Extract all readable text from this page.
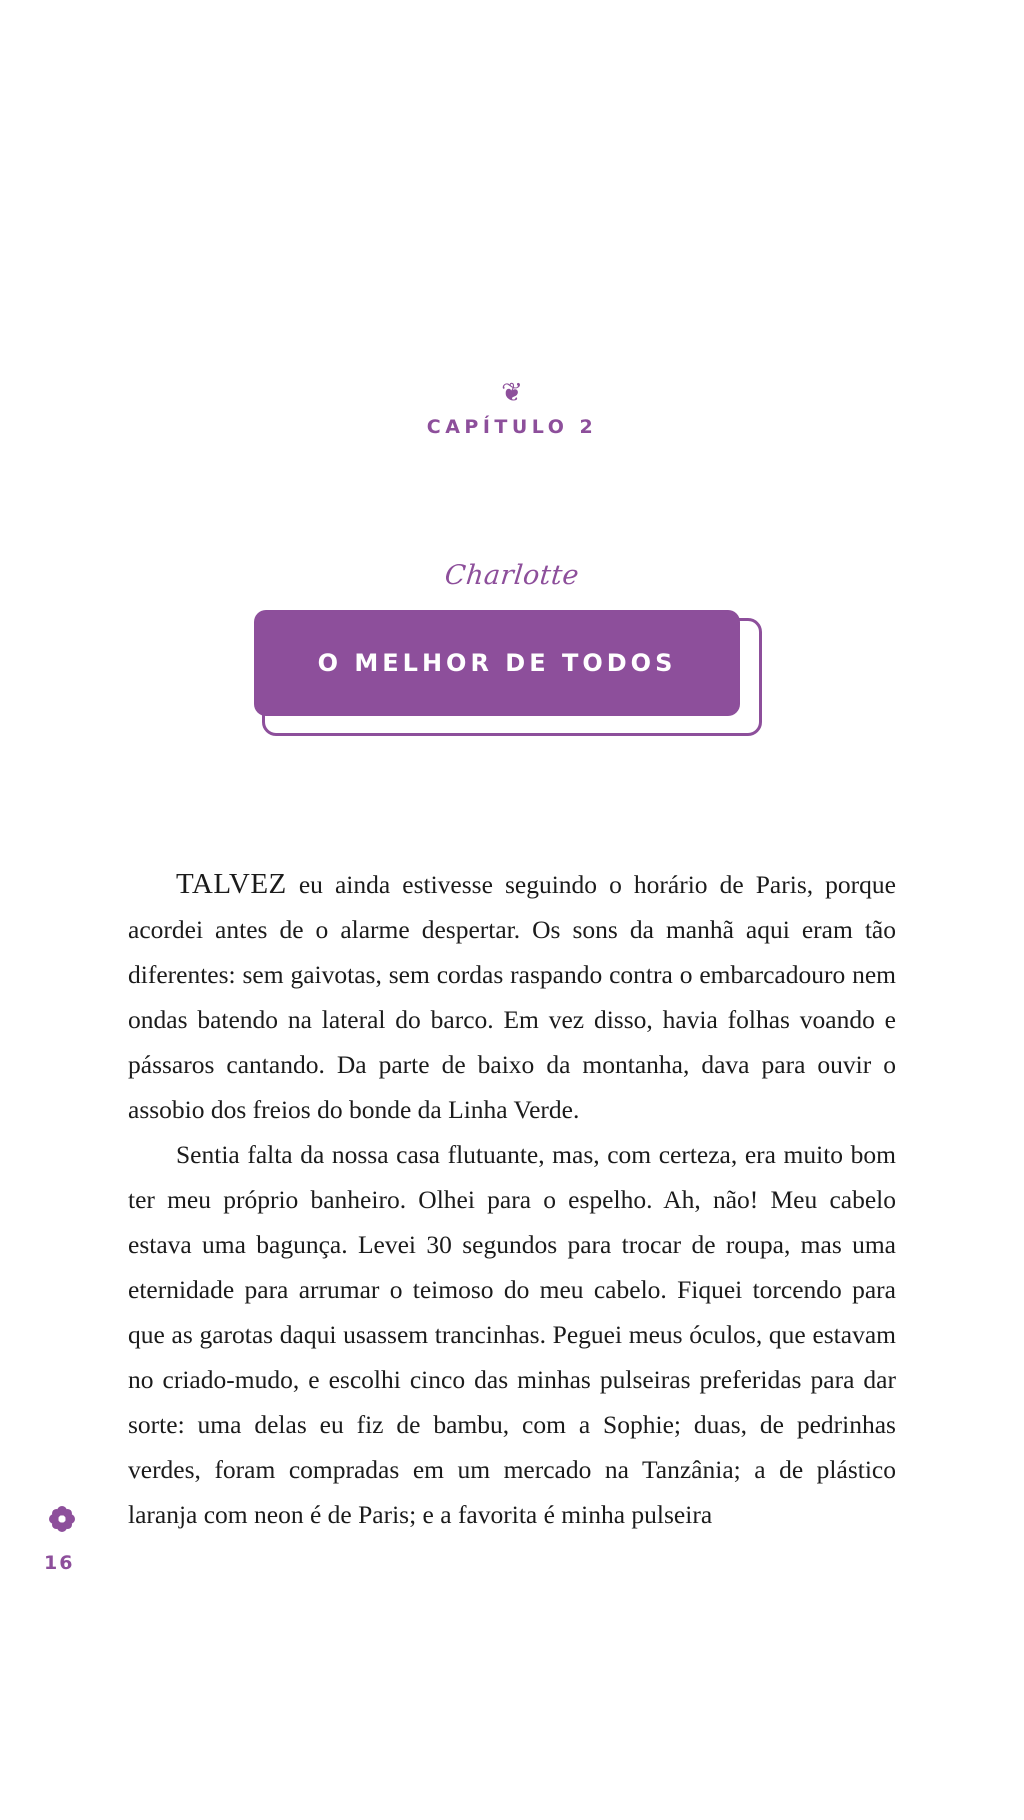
❦
CAPÍTULO 2
Charlotte
O MELHOR DE TODOS

TALVEZ eu ainda estivesse seguindo o horário de Paris, porque acordei antes de o alarme despertar. Os sons da manhã aqui eram tão diferentes: sem gaivotas, sem cordas raspando contra o embarcadouro nem ondas batendo na lateral do barco. Em vez disso, havia folhas voando e pássaros cantando. Da parte de baixo da montanha, dava para ouvir o assobio dos freios do bonde da Linha Verde.

Sentia falta da nossa casa flutuante, mas, com certeza, era muito bom ter meu próprio banheiro. Olhei para o espelho. Ah, não! Meu cabelo estava uma bagunça. Levei 30 segundos para trocar de roupa, mas uma eternidade para arrumar o teimoso do meu cabelo. Fiquei torcendo para que as garotas daqui usassem trancinhas. Peguei meus óculos, que estavam no criado-mudo, e escolhi cinco das minhas pulseiras preferidas para dar sorte: uma delas eu fiz de bambu, com a Sophie; duas, de pedrinhas verdes, foram compradas em um mercado na Tanzânia; a de plástico laranja com neon é de Paris; e a favorita é minha pulseira

16
